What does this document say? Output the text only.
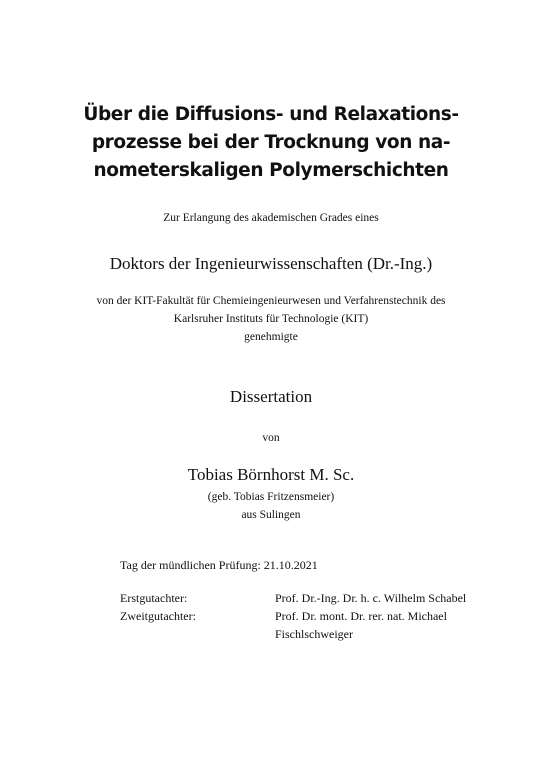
Über die Diffusions- und Relaxations-
prozesse bei der Trocknung von na-
nometerskaligen Polymerschichten

Zur Erlangung des akademischen Grades eines

Doktors der Ingenieurwissenschaften (Dr.-Ing.)

von der KIT-Fakultät für Chemieingenieurwesen und Verfahrenstechnik des
Karlsruher Instituts für Technologie (KIT)
genehmigte

Dissertation

von

Tobias Börnhorst M. Sc.

(geb. Tobias Fritzensmeier)

aus Sulingen

Tag der mündlichen Prüfung: 21.10.2021

Erstgutachter:	Prof. Dr.-Ing. Dr. h. c. Wilhelm Schabel
Zweitgutachter:	Prof. Dr. mont. Dr. rer. nat. Michael
Fischlschweiger
